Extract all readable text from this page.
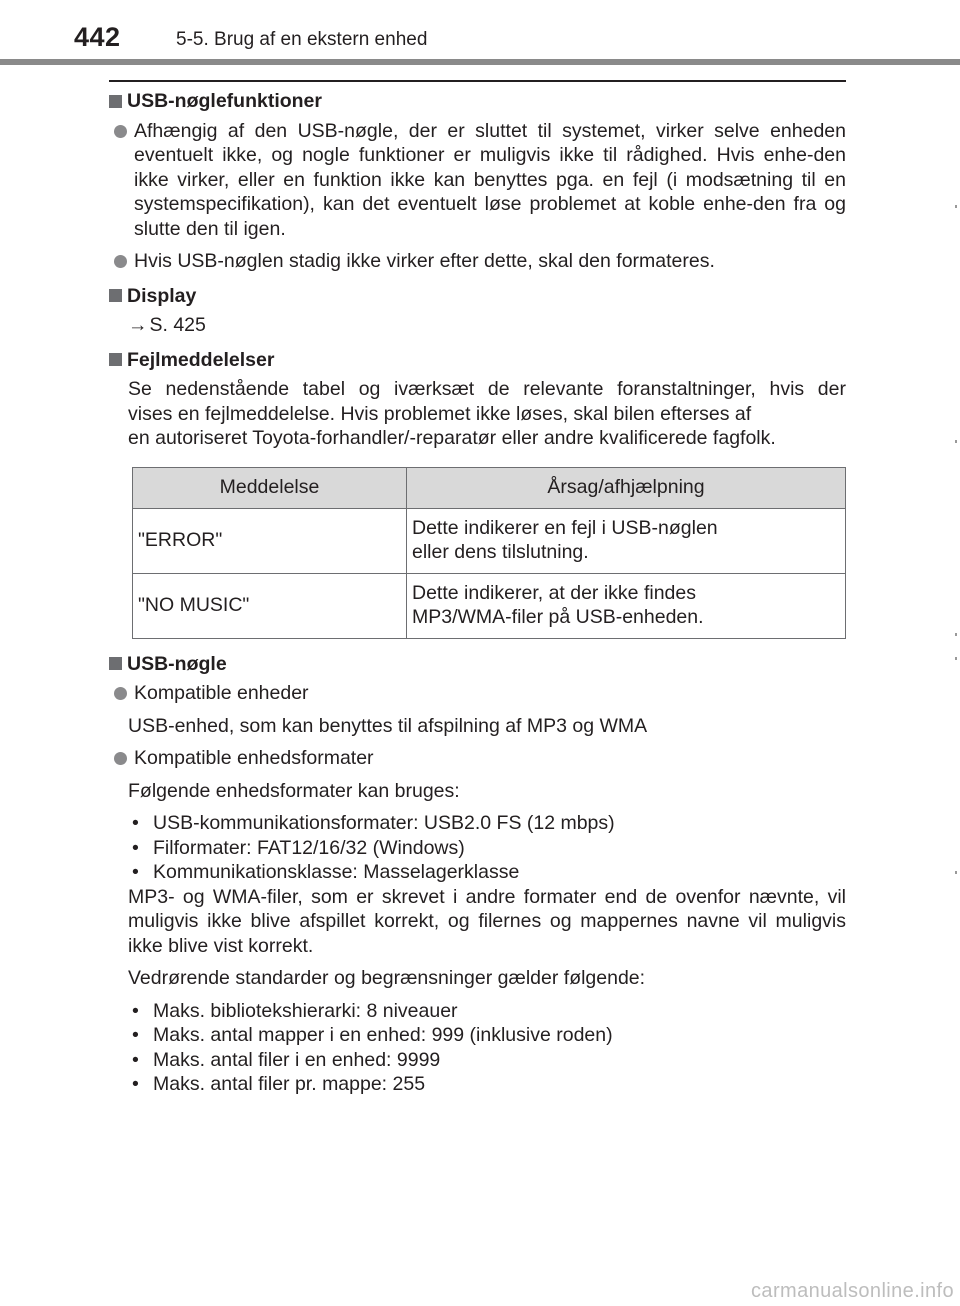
442	5-5. Brug af en ekstern enhed
USB-nøglefunktioner
Afhængig af den USB-nøgle, der er sluttet til systemet, virker selve enheden eventuelt ikke, og nogle funktioner er muligvis ikke til rådighed. Hvis enhe-den ikke virker, eller en funktion ikke kan benyttes pga. en fejl (i modsætning til en systemspecifikation), kan det eventuelt løse problemet at koble enhe-den fra og slutte den til igen.
Hvis USB-nøglen stadig ikke virker efter dette, skal den formateres.
Display
→ S. 425
Fejlmeddelelser
Se nedenstående tabel og iværksæt de relevante foranstaltninger, hvis der
vises en fejlmeddelelse. Hvis problemet ikke løses, skal bilen efterses af
en autoriseret Toyota-forhandler/-reparatør eller andre kvalificerede fagfolk.
Meddelelse	Årsag/afhjælpning
"ERROR"	Dette indikerer en fejl i USB-nøglen
eller dens tilslutning.

"NO MUSIC"	Dette indikerer, at der ikke findes
MP3/WMA-filer på USB-enheden.
USB-nøgle
Kompatible enheder
USB-enhed, som kan benyttes til afspilning af MP3 og WMA
Kompatible enhedsformater
Følgende enhedsformater kan bruges:
• USB-kommunikationsformater: USB2.0 FS (12 mbps)
• Filformater: FAT12/16/32 (Windows)
• Kommunikationsklasse: Masselagerklasse
MP3- og WMA-filer, som er skrevet i andre formater end de ovenfor nævnte, vil muligvis ikke blive afspillet korrekt, og filernes og mappernes navne vil muligvis ikke blive vist korrekt.
Vedrørende standarder og begrænsninger gælder følgende:
• Maks. bibliotekshierarki: 8 niveauer
• Maks. antal mapper i en enhed: 999 (inklusive roden)
• Maks. antal filer i en enhed: 9999
• Maks. antal filer pr. mappe: 255
carmanualsonline.info
